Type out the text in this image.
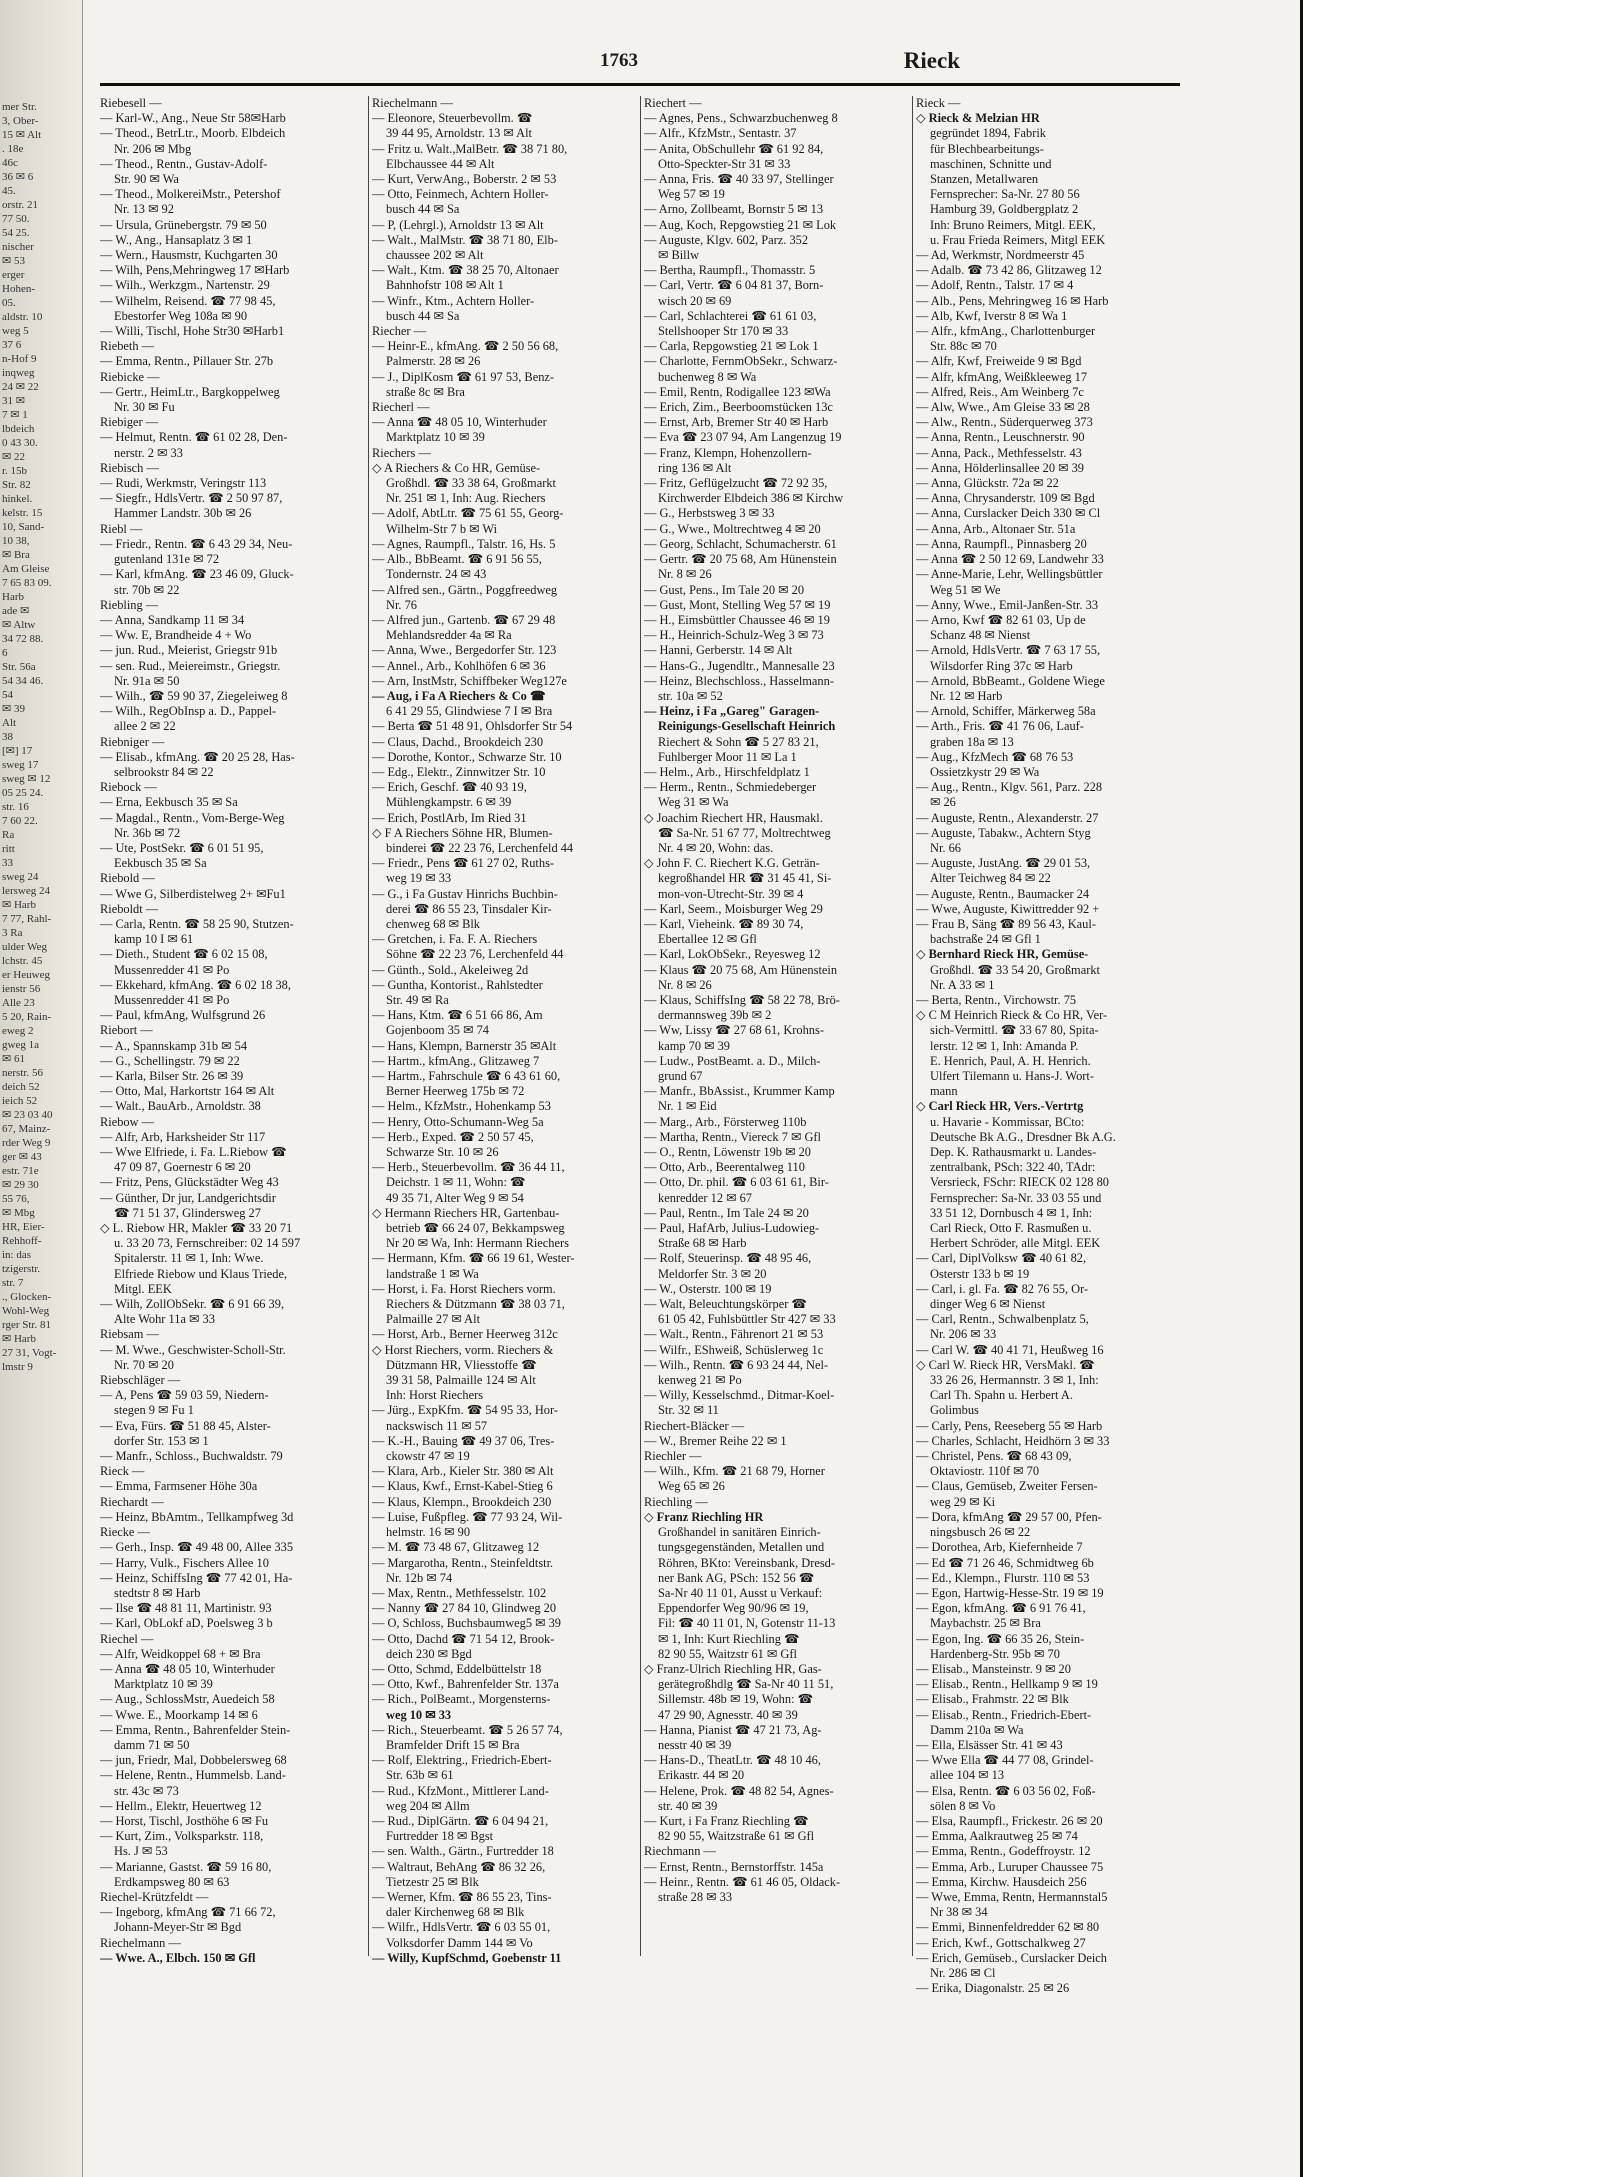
mer Str.
3, Ober-
15 ✉ Alt
. 18e
46c
36 ✉ 6
45.
orstr. 21
77 50.
54 25.
nischer
✉ 53
erger
Hohen-
05.
aldstr. 10
weg 5
37 6
n-Hof 9
inqweg
24 ✉ 22
31 ✉
7 ✉ 1
lbdeich
0 43 30.
✉ 22
r. 15b
Str. 82
hinkel.
kelstr. 15
10, Sand-
10 38,
✉ Bra
Am Gleise
7 65 83 09.
Harb
ade ✉
✉ Altw
34 72 88.
6
Str. 56a
54 34 46.
54
✉ 39
Alt
38
[✉] 17
sweg 17
sweg ✉ 12
05 25 24.
str. 16
7 60 22.
Ra
ritt
33
sweg 24
lersweg 24
✉ Harb
7 77, Rahl-
3 Ra
ulder Weg
lchstr. 45
er Heuweg
ienstr 56
Alle 23
5 20, Rain-
eweg 2
gweg 1a
✉ 61
nerstr. 56
deich 52
ieich 52
✉ 23 03 40
67, Mainz-
rder Weg 9
ger ✉ 43
estr. 71e
✉ 29 30
55 76,
✉ Mbg
HR, Eier-
Rehhoff-
in: das
tzigerstr.
str. 7
., Glocken-
Wohl-Weg
rger Str. 81
✉ Harb
27 31, Vogt-
lmstr 9
1763	Rieck
Riebesell —
— Karl-W., Ang., Neue Str 58✉Harb
— Theod., BetrLtr., Moorb. Elbdeich
Nr. 206 ✉ Mbg
— Theod., Rentn., Gustav-Adolf-
Str. 90 ✉ Wa
— Theod., MolkereiMstr., Petershof
Nr. 13 ✉ 92
— Ursula, Grünebergstr. 79 ✉ 50
— W., Ang., Hansaplatz 3 ✉ 1
— Wern., Hausmstr, Kuchgarten 30
— Wilh, Pens,Mehringweg 17 ✉Harb
— Wilh., Werkzgm., Nartenstr. 29
— Wilhelm, Reisend. ☎ 77 98 45,
Ebestorfer Weg 108a ✉ 90
— Willi, Tischl, Hohe Str30 ✉Harb1
Riebeth —
— Emma, Rentn., Pillauer Str. 27b
Riebicke —
— Gertr., HeimLtr., Bargkoppelweg
Nr. 30 ✉ Fu
Riebiger —
— Helmut, Rentn. ☎ 61 02 28, Den-
nerstr. 2 ✉ 33
Riebisch —
— Rudi, Werkmstr, Veringstr 113
— Siegfr., HdlsVertr. ☎ 2 50 97 87,
Hammer Landstr. 30b ✉ 26
Riebl —
— Friedr., Rentn. ☎ 6 43 29 34, Neu-
gutenland 131e ✉ 72
— Karl, kfmAng. ☎ 23 46 09, Gluck-
str. 70b ✉ 22
Riebling —
— Anna, Sandkamp 11 ✉ 34
— Ww. E, Brandheide 4 + Wo
— jun. Rud., Meierist, Griegstr 91b
— sen. Rud., Meiereimstr., Griegstr.
Nr. 91a ✉ 50
— Wilh., ☎ 59 90 37, Ziegeleiweg 8
— Wilh., RegObInsp a. D., Pappel-
allee 2 ✉ 22
Riebniger —
— Elisab., kfmAng. ☎ 20 25 28, Has-
selbrookstr 84 ✉ 22
Riebock —
— Erna, Eekbusch 35 ✉ Sa
— Magdal., Rentn., Vom-Berge-Weg
Nr. 36b ✉ 72
— Ute, PostSekr. ☎ 6 01 51 95,
Eekbusch 35 ✉ Sa
Riebold —
— Wwe G, Silberdistelweg 2+ ✉Fu1
Rieboldt —
— Carla, Rentn. ☎ 58 25 90, Stutzen-
kamp 10 I ✉ 61
— Dieth., Student ☎ 6 02 15 08,
Mussenredder 41 ✉ Po
— Ekkehard, kfmAng. ☎ 6 02 18 38,
Mussenredder 41 ✉ Po
— Paul, kfmAng, Wulfsgrund 26
Riebort —
— A., Spannskamp 31b ✉ 54
— G., Schellingstr. 79 ✉ 22
— Karla, Bilser Str. 26 ✉ 39
— Otto, Mal, Harkortstr 164 ✉ Alt
— Walt., BauArb., Arnoldstr. 38
Riebow —
— Alfr, Arb, Harksheider Str 117
— Wwe Elfriede, i. Fa. L.Riebow ☎
47 09 87, Goernestr 6 ✉ 20
— Fritz, Pens, Glückstädter Weg 43
— Günther, Dr jur, Landgerichtsdir
☎ 71 51 37, Glindersweg 27
◇ L. Riebow HR, Makler ☎ 33 20 71
u. 33 20 73, Fernschreiber: 02 14 597
Spitalerstr. 11 ✉ 1, Inh: Wwe.
Elfriede Riebow und Klaus Triede,
Mitgl. EEK
— Wilh, ZollObSekr. ☎ 6 91 66 39,
Alte Wohr 11a ✉ 33
Riebsam —
— M. Wwe., Geschwister-Scholl-Str.
Nr. 70 ✉ 20
Riebschläger —
— A, Pens ☎ 59 03 59, Niedern-
stegen 9 ✉ Fu 1
— Eva, Fürs. ☎ 51 88 45, Alster-
dorfer Str. 153 ✉ 1
— Manfr., Schloss., Buchwaldstr. 79
Rieck —
— Emma, Farmsener Höhe 30a
Riechardt —
— Heinz, BbAmtm., Tellkampfweg 3d
Riecke —
— Gerh., Insp. ☎ 49 48 00, Allee 335
— Harry, Vulk., Fischers Allee 10
— Heinz, SchiffsIng ☎ 77 42 01, Ha-
stedtstr 8 ✉ Harb
— Ilse ☎ 48 81 11, Martinistr. 93
— Karl, ObLokf aD, Poelsweg 3 b
Riechel —
— Alfr, Weidkoppel 68 + ✉ Bra
— Anna ☎ 48 05 10, Winterhuder
Marktplatz 10 ✉ 39
— Aug., SchlossMstr, Auedeich 58
— Wwe. E., Moorkamp 14 ✉ 6
— Emma, Rentn., Bahrenfelder Stein-
damm 71 ✉ 50
— jun, Friedr, Mal, Dobbelersweg 68
— Helene, Rentn., Hummelsb. Land-
str. 43c ✉ 73
— Hellm., Elektr, Heuertweg 12
— Horst, Tischl, Josthöhe 6 ✉ Fu
— Kurt, Zim., Volksparkstr. 118,
Hs. J ✉ 53
— Marianne, Gastst. ☎ 59 16 80,
Erdkampsweg 80 ✉ 63
Riechel-Krützfeldt —
— Ingeborg, kfmAng ☎ 71 66 72,
Johann-Meyer-Str ✉ Bgd
Riechelmann —
— Wwe. A., Elbch. 150 ✉ Gfl
Riechelmann —
— Eleonore, Steuerbevollm. ☎
39 44 95, Arnoldstr. 13 ✉ Alt
— Fritz u. Walt.,MalBetr. ☎ 38 71 80,
Elbchaussee 44 ✉ Alt
— Kurt, VerwAng., Boberstr. 2 ✉ 53
— Otto, Feinmech, Achtern Holler-
busch 44 ✉ Sa
— P, (Lehrgl.), Arnoldstr 13 ✉ Alt
— Walt., MalMstr. ☎ 38 71 80, Elb-
chaussee 202 ✉ Alt
— Walt., Ktm. ☎ 38 25 70, Altonaer
Bahnhofstr 108 ✉ Alt 1
— Winfr., Ktm., Achtern Holler-
busch 44 ✉ Sa
Riecher —
— Heinr-E., kfmAng. ☎ 2 50 56 68,
Palmerstr. 28 ✉ 26
— J., DiplKosm ☎ 61 97 53, Benz-
straße 8c ✉ Bra
Riecherl —
— Anna ☎ 48 05 10, Winterhuder
Marktplatz 10 ✉ 39
Riechers —
◇ A Riechers & Co HR, Gemüse-
Großhdl. ☎ 33 38 64, Großmarkt
Nr. 251 ✉ 1, Inh: Aug. Riechers
— Adolf, AbtLtr. ☎ 75 61 55, Georg-
Wilhelm-Str 7 b ✉ Wi
— Agnes, Raumpfl., Talstr. 16, Hs. 5
— Alb., BbBeamt. ☎ 6 91 56 55,
Tondernstr. 24 ✉ 43
— Alfred sen., Gärtn., Poggfreedweg
Nr. 76
— Alfred jun., Gartenb. ☎ 67 29 48
Mehlandsredder 4a ✉ Ra
— Anna, Wwe., Bergedorfer Str. 123
— Annel., Arb., Kohlhöfen 6 ✉ 36
— Arn, InstMstr, Schiffbeker Weg127e
— Aug, i Fa A Riechers & Co ☎
6 41 29 55, Glindwiese 7 I ✉ Bra
— Berta ☎ 51 48 91, Ohlsdorfer Str 54
— Claus, Dachd., Brookdeich 230
— Dorothe, Kontor., Schwarze Str. 10
— Edg., Elektr., Zinnwitzer Str. 10
— Erich, Geschf. ☎ 40 93 19,
Mühlengkampstr. 6 ✉ 39
— Erich, PostlArb, Im Ried 31
◇ F A Riechers Söhne HR, Blumen-
binderei ☎ 22 23 76, Lerchenfeld 44
— Friedr., Pens ☎ 61 27 02, Ruths-
weg 19 ✉ 33
— G., i Fa Gustav Hinrichs Buchbin-
derei ☎ 86 55 23, Tinsdaler Kir-
chenweg 68 ✉ Blk
— Gretchen, i. Fa. F. A. Riechers
Söhne ☎ 22 23 76, Lerchenfeld 44
— Günth., Sold., Akeleiweg 2d
— Guntha, Kontorist., Rahlstedter
Str. 49 ✉ Ra
— Hans, Ktm. ☎ 6 51 66 86, Am
Gojenboom 35 ✉ 74
— Hans, Klempn, Barnerstr 35 ✉Alt
— Hartm., kfmAng., Glitzaweg 7
— Hartm., Fahrschule ☎ 6 43 61 60,
Berner Heerweg 175b ✉ 72
— Helm., KfzMstr., Hohenkamp 53
— Henry, Otto-Schumann-Weg 5a
— Herb., Exped. ☎ 2 50 57 45,
Schwarze Str. 10 ✉ 26
— Herb., Steuerbevollm. ☎ 36 44 11,
Deichstr. 1 ✉ 11, Wohn: ☎
49 35 71, Alter Weg 9 ✉ 54
◇ Hermann Riechers HR, Gartenbau-
betrieb ☎ 66 24 07, Bekkampsweg
Nr 20 ✉ Wa, Inh: Hermann Riechers
— Hermann, Kfm. ☎ 66 19 61, Wester-
landstraße 1 ✉ Wa
— Horst, i. Fa. Horst Riechers vorm.
Riechers & Dützmann ☎ 38 03 71,
Palmaille 27 ✉ Alt
— Horst, Arb., Berner Heerweg 312c
◇ Horst Riechers, vorm. Riechers &
Dützmann HR, Vliesstoffe ☎
39 31 58, Palmaille 124 ✉ Alt
Inh: Horst Riechers
— Jürg., ExpKfm. ☎ 54 95 33, Hor-
nackswisch 11 ✉ 57
— K.-H., Bauing ☎ 49 37 06, Tres-
ckowstr 47 ✉ 19
— Klara, Arb., Kieler Str. 380 ✉ Alt
— Klaus, Kwf., Ernst-Kabel-Stieg 6
— Klaus, Klempn., Brookdeich 230
— Luise, Fußpfleg. ☎ 77 93 24, Wil-
helmstr. 16 ✉ 90
— M. ☎ 73 48 67, Glitzaweg 12
— Margarotha, Rentn., Steinfeldtstr.
Nr. 12b ✉ 74
— Max, Rentn., Methfesselstr. 102
— Nanny ☎ 27 84 10, Glindweg 20
— O, Schloss, Buchsbaumweg5 ✉ 39
— Otto, Dachd ☎ 71 54 12, Brook-
deich 230 ✉ Bgd
— Otto, Schmd, Eddelbüttelstr 18
— Otto, Kwf., Bahrenfelder Str. 137a
— Rich., PolBeamt., Morgensterns-
weg 10 ✉ 33
— Rich., Steuerbeamt. ☎ 5 26 57 74,
Bramfelder Drift 15 ✉ Bra
— Rolf, Elektring., Friedrich-Ebert-
Str. 63b ✉ 61
— Rud., KfzMont., Mittlerer Land-
weg 204 ✉ Allm
— Rud., DiplGärtn. ☎ 6 04 94 21,
Furtredder 18 ✉ Bgst
— sen. Walth., Gärtn., Furtredder 18
— Waltraut, BehAng ☎ 86 32 26,
Tietzestr 25 ✉ Blk
— Werner, Kfm. ☎ 86 55 23, Tins-
daler Kirchenweg 68 ✉ Blk
— Wilfr., HdlsVertr. ☎ 6 03 55 01,
Volksdorfer Damm 144 ✉ Vo
— Willy, KupfSchmd, Goebenstr 11
Riechert —
— Agnes, Pens., Schwarzbuchenweg 8
— Alfr., KfzMstr., Sentastr. 37
— Anita, ObSchullehr ☎ 61 92 84,
Otto-Speckter-Str 31 ✉ 33
— Anna, Fris. ☎ 40 33 97, Stellinger
Weg 57 ✉ 19
— Arno, Zollbeamt, Bornstr 5 ✉ 13
— Aug, Koch, Repgowstieg 21 ✉ Lok
— Auguste, Klgv. 602, Parz. 352
✉ Billw
— Bertha, Raumpfl., Thomasstr. 5
— Carl, Vertr. ☎ 6 04 81 37, Born-
wisch 20 ✉ 69
— Carl, Schlachterei ☎ 61 61 03,
Stellshooper Str 170 ✉ 33
— Carla, Repgowstieg 21 ✉ Lok 1
— Charlotte, FernmObSekr., Schwarz-
buchenweg 8 ✉ Wa
— Emil, Rentn, Rodigallee 123 ✉Wa
— Erich, Zim., Beerboomstücken 13c
— Ernst, Arb, Bremer Str 40 ✉ Harb
— Eva ☎ 23 07 94, Am Langenzug 19
— Franz, Klempn, Hohenzollern-
ring 136 ✉ Alt
— Fritz, Geflügelzucht ☎ 72 92 35,
Kirchwerder Elbdeich 386 ✉ Kirchw
— G., Herbstsweg 3 ✉ 33
— G., Wwe., Moltrechtweg 4 ✉ 20
— Georg, Schlacht, Schumacherstr. 61
— Gertr. ☎ 20 75 68, Am Hünenstein
Nr. 8 ✉ 26
— Gust, Pens., Im Tale 20 ✉ 20
— Gust, Mont, Stelling Weg 57 ✉ 19
— H., Eimsbüttler Chaussee 46 ✉ 19
— H., Heinrich-Schulz-Weg 3 ✉ 73
— Hanni, Gerberstr. 14 ✉ Alt
— Hans-G., Jugendltr., Mannesalle 23
— Heinz, Blechschloss., Hasselmann-
str. 10a ✉ 52
— Heinz, i Fa „Gareg" Garagen-
Reinigungs-Gesellschaft Heinrich
Riechert & Sohn ☎ 5 27 83 21,
Fuhlberger Moor 11 ✉ La 1
— Helm., Arb., Hirschfeldplatz 1
— Herm., Rentn., Schmiedeberger
Weg 31 ✉ Wa
◇ Joachim Riechert HR, Hausmakl.
☎ Sa-Nr. 51 67 77, Moltrechtweg
Nr. 4 ✉ 20, Wohn: das.
◇ John F. C. Riechert K.G. Geträn-
kegroßhandel HR ☎ 31 45 41, Si-
mon-von-Utrecht-Str. 39 ✉ 4
— Karl, Seem., Moisburger Weg 29
— Karl, Vieheink. ☎ 89 30 74,
Ebertallee 12 ✉ Gfl
— Karl, LokObSekr., Reyesweg 12
— Klaus ☎ 20 75 68, Am Hünenstein
Nr. 8 ✉ 26
— Klaus, SchiffsIng ☎ 58 22 78, Brö-
dermannsweg 39b ✉ 2
— Ww, Lissy ☎ 27 68 61, Krohns-
kamp 70 ✉ 39
— Ludw., PostBeamt. a. D., Milch-
grund 67
— Manfr., BbAssist., Krummer Kamp
Nr. 1 ✉ Eid
— Marg., Arb., Försterweg 110b
— Martha, Rentn., Viereck 7 ✉ Gfl
— O., Rentn, Löwenstr 19b ✉ 20
— Otto, Arb., Beerentalweg 110
— Otto, Dr. phil. ☎ 6 03 61 61, Bir-
kenredder 12 ✉ 67
— Paul, Rentn., Im Tale 24 ✉ 20
— Paul, HafArb, Julius-Ludowieg-
Straße 68 ✉ Harb
— Rolf, Steuerinsp. ☎ 48 95 46,
Meldorfer Str. 3 ✉ 20
— W., Osterstr. 100 ✉ 19
— Walt, Beleuchtungskörper ☎
61 05 42, Fuhlsbüttler Str 427 ✉ 33
— Walt., Rentn., Fährenort 21 ✉ 53
— Wilfr., EShweiß, Schüslerweg 1c
— Wilh., Rentn. ☎ 6 93 24 44, Nel-
kenweg 21 ✉ Po
— Willy, Kesselschmd., Ditmar-Koel-
Str. 32 ✉ 11
Riechert-Bläcker —
— W., Bremer Reihe 22 ✉ 1
Riechler —
— Wilh., Kfm. ☎ 21 68 79, Horner
Weg 65 ✉ 26
Riechling —
◇ Franz Riechling HR
Großhandel in sanitären Einrich-
tungsgegenständen, Metallen und
Röhren, BKto: Vereinsbank, Dresd-
ner Bank AG, PSch: 152 56 ☎
Sa-Nr 40 11 01, Ausst u Verkauf:
Eppendorfer Weg 90/96 ✉ 19,
Fil: ☎ 40 11 01, N, Gotenstr 11-13
✉ 1, Inh: Kurt Riechling ☎
82 90 55, Waitzstr 61 ✉ Gfl
◇ Franz-Ulrich Riechling HR, Gas-
gerätegroßhdlg ☎ Sa-Nr 40 11 51,
Sillemstr. 48b ✉ 19, Wohn: ☎
47 29 90, Agnesstr. 40 ✉ 39
— Hanna, Pianist ☎ 47 21 73, Ag-
nesstr 40 ✉ 39
— Hans-D., TheatLtr. ☎ 48 10 46,
Erikastr. 44 ✉ 20
— Helene, Prok. ☎ 48 82 54, Agnes-
str. 40 ✉ 39
— Kurt, i Fa Franz Riechling ☎
82 90 55, Waitzstraße 61 ✉ Gfl
Riechmann —
— Ernst, Rentn., Bernstorffstr. 145a
— Heinr., Rentn. ☎ 61 46 05, Oldack-
straße 28 ✉ 33
Rieck —
◇ Rieck & Melzian HR
gegründet 1894, Fabrik
für Blechbearbeitungs-
maschinen, Schnitte und
Stanzen, Metallwaren
Fernsprecher: Sa-Nr. 27 80 56
Hamburg 39, Goldbergplatz 2
Inh: Bruno Reimers, Mitgl. EEK,
u. Frau Frieda Reimers, Mitgl EEK
— Ad, Werkmstr, Nordmeerstr 45
— Adalb. ☎ 73 42 86, Glitzaweg 12
— Adolf, Rentn., Talstr. 17 ✉ 4
— Alb., Pens, Mehringweg 16 ✉ Harb
— Alb, Kwf, Iverstr 8 ✉ Wa 1
— Alfr., kfmAng., Charlottenburger
Str. 88c ✉ 70
— Alfr, Kwf, Freiweide 9 ✉ Bgd
— Alfr, kfmAng, Weißkleeweg 17
— Alfred, Reis., Am Weinberg 7c
— Alw, Wwe., Am Gleise 33 ✉ 28
— Alw., Rentn., Süderquerweg 373
— Anna, Rentn., Leuschnerstr. 90
— Anna, Pack., Methfesselstr. 43
— Anna, Hölderlinsallee 20 ✉ 39
— Anna, Glückstr. 72a ✉ 22
— Anna, Chrysanderstr. 109 ✉ Bgd
— Anna, Curslacker Deich 330 ✉ Cl
— Anna, Arb., Altonaer Str. 51a
— Anna, Raumpfl., Pinnasberg 20
— Anna ☎ 2 50 12 69, Landwehr 33
— Anne-Marie, Lehr, Wellingsbüttler
Weg 51 ✉ We
— Anny, Wwe., Emil-Janßen-Str. 33
— Arno, Kwf ☎ 82 61 03, Up de
Schanz 48 ✉ Nienst
— Arnold, HdlsVertr. ☎ 7 63 17 55,
Wilsdorfer Ring 37c ✉ Harb
— Arnold, BbBeamt., Goldene Wiege
Nr. 12 ✉ Harb
— Arnold, Schiffer, Märkerweg 58a
— Arth., Fris. ☎ 41 76 06, Lauf-
graben 18a ✉ 13
— Aug., KfzMech ☎ 68 76 53
Ossietzkystr 29 ✉ Wa
— Aug., Rentn., Klgv. 561, Parz. 228
✉ 26
— Auguste, Rentn., Alexanderstr. 27
— Auguste, Tabakw., Achtern Styg
Nr. 66
— Auguste, JustAng. ☎ 29 01 53,
Alter Teichweg 84 ✉ 22
— Auguste, Rentn., Baumacker 24
— Wwe, Auguste, Kiwittredder 92 +
— Frau B, Säng ☎ 89 56 43, Kaul-
bachstraße 24 ✉ Gfl 1
◇ Bernhard Rieck HR, Gemüse-
Großhdl. ☎ 33 54 20, Großmarkt
Nr. A 33 ✉ 1
— Berta, Rentn., Virchowstr. 75
◇ C M Heinrich Rieck & Co HR, Ver-
sich-Vermittl. ☎ 33 67 80, Spita-
lerstr. 12 ✉ 1, Inh: Amanda P.
E. Henrich, Paul, A. H. Henrich.
Ulfert Tilemann u. Hans-J. Wort-
mann
◇ Carl Rieck HR, Vers.-Vertrtg
u. Havarie - Kommissar, BCto:
Deutsche Bk A.G., Dresdner Bk A.G.
Dep. K. Rathausmarkt u. Landes-
zentralbank, PSch: 322 40, TAdr:
Versrieck, FSchr: RIECK 02 128 80
Fernsprecher: Sa-Nr. 33 03 55 und
33 51 12, Dornbusch 4 ✉ 1, Inh:
Carl Rieck, Otto F. Rasmußen u.
Herbert Schröder, alle Mitgl. EEK
— Carl, DiplVolksw ☎ 40 61 82,
Osterstr 133 b ✉ 19
— Carl, i. gl. Fa. ☎ 82 76 55, Or-
dinger Weg 6 ✉ Nienst
— Carl, Rentn., Schwalbenplatz 5,
Nr. 206 ✉ 33
— Carl W. ☎ 40 41 71, Heußweg 16
◇ Carl W. Rieck HR, VersMakl. ☎
33 26 26, Hermannstr. 3 ✉ 1, Inh:
Carl Th. Spahn u. Herbert A.
Golimbus
— Carly, Pens, Reeseberg 55 ✉ Harb
— Charles, Schlacht, Heidhörn 3 ✉ 33
— Christel, Pens. ☎ 68 43 09,
Oktaviostr. 110f ✉ 70
— Claus, Gemüseb, Zweiter Fersen-
weg 29 ✉ Ki
— Dora, kfmAng ☎ 29 57 00, Pfen-
ningsbusch 26 ✉ 22
— Dorothea, Arb, Kiefernheide 7
— Ed ☎ 71 26 46, Schmidtweg 6b
— Ed., Klempn., Flurstr. 110 ✉ 53
— Egon, Hartwig-Hesse-Str. 19 ✉ 19
— Egon, kfmAng. ☎ 6 91 76 41,
Maybachstr. 25 ✉ Bra
— Egon, Ing. ☎ 66 35 26, Stein-
Hardenberg-Str. 95b ✉ 70
— Elisab., Mansteinstr. 9 ✉ 20
— Elisab., Rentn., Hellkamp 9 ✉ 19
— Elisab., Frahmstr. 22 ✉ Blk
— Elisab., Rentn., Friedrich-Ebert-
Damm 210a ✉ Wa
— Ella, Elsässer Str. 41 ✉ 43
— Wwe Ella ☎ 44 77 08, Grindel-
allee 104 ✉ 13
— Elsa, Rentn. ☎ 6 03 56 02, Foß-
sölen 8 ✉ Vo
— Elsa, Raumpfl., Frickestr. 26 ✉ 20
— Emma, Aalkrautweg 25 ✉ 74
— Emma, Rentn., Godeffroystr. 12
— Emma, Arb., Luruper Chaussee 75
— Emma, Kirchw. Hausdeich 256
— Wwe, Emma, Rentn, Hermannstal5
Nr 38 ✉ 34
— Emmi, Binnenfeldredder 62 ✉ 80
— Erich, Kwf., Gottschalkweg 27
— Erich, Gemüseb., Curslacker Deich
Nr. 286 ✉ Cl
— Erika, Diagonalstr. 25 ✉ 26
